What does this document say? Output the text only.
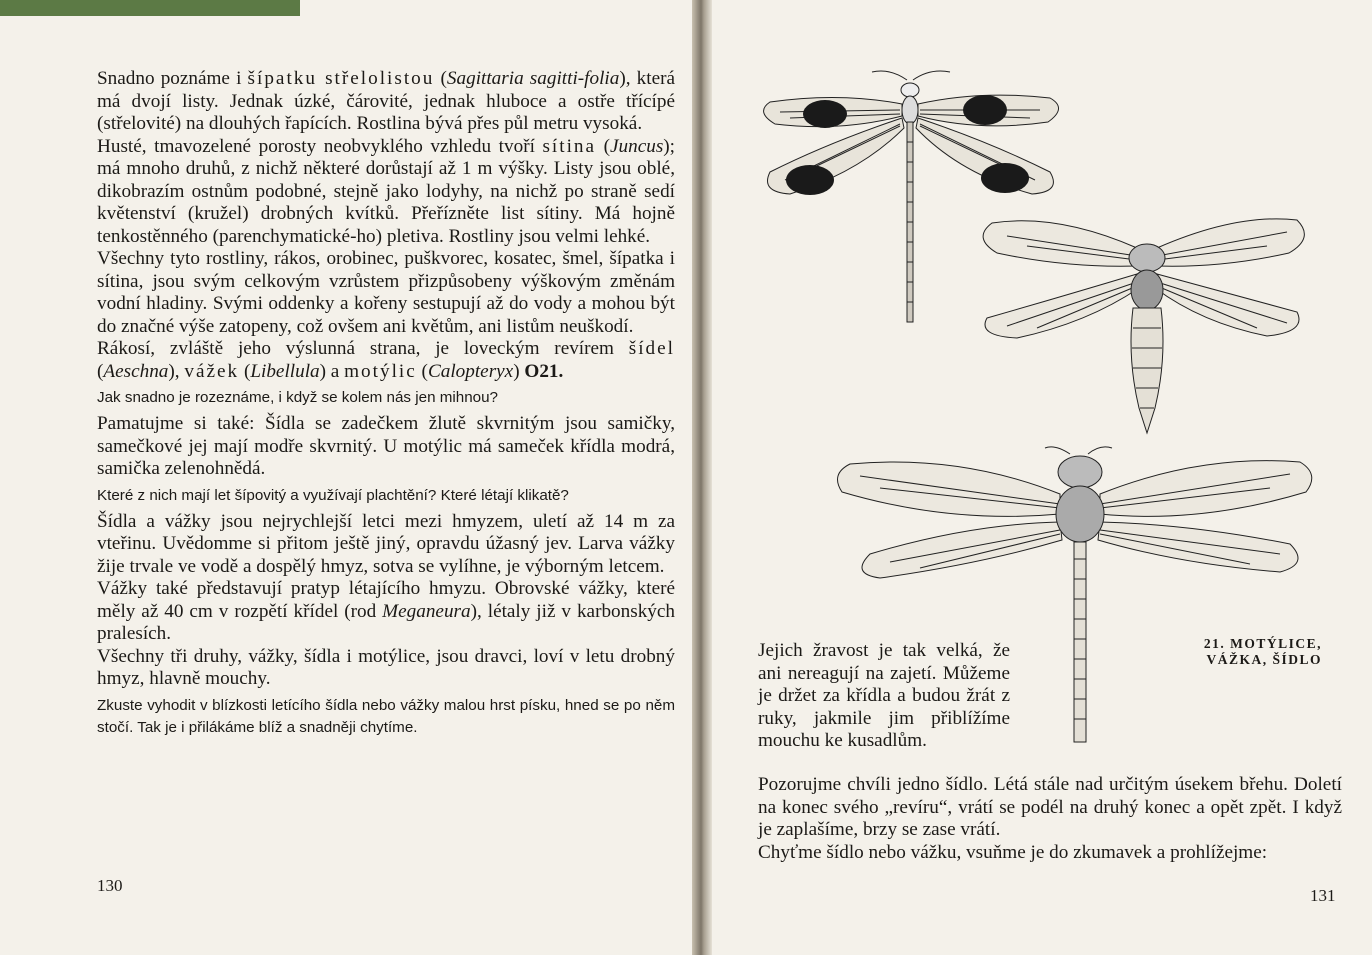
Snadno poznáme i šípatku střelolistou (Sagittaria sagitti-folia), která má dvojí listy. Jednak úzké, čárovité, jednak hluboce a ostře třícípé (střelovité) na dlouhých řapících. Rostlina bývá přes půl metru vysoká.

Husté, tmavozelené porosty neobvyklého vzhledu tvoří sítina (Juncus); má mnoho druhů, z nichž některé dorůstají až 1 m výšky. Listy jsou oblé, dikobrazím ostnům podobné, stejně jako lodyhy, na nichž po straně sedí květenství (kružel) drobných kvítků. Přeřízněte list sítiny. Má hojně tenkostěnného (parenchymatické-ho) pletiva. Rostliny jsou velmi lehké.

Všechny tyto rostliny, rákos, orobinec, puškvorec, kosatec, šmel, šípatka i sítina, jsou svým celkovým vzrůstem přizpůsobeny výškovým změnám vodní hladiny. Svými oddenky a kořeny sestupují až do vody a mohou být do značné výše zatopeny, což ovšem ani květům, ani listům neuškodí.

Rákosí, zvláště jeho výslunná strana, je loveckým revírem šídel (Aeschna), vážek (Libellula) a motýlic (Calopteryx) O21.

Jak snadno je rozeznáme, i když se kolem nás jen mihnou?

Pamatujme si také: Šídla se zadečkem žlutě skvrnitým jsou samičky, samečkové jej mají modře skvrnitý. U motýlic má sameček křídla modrá, samička zelenohnědá.

Které z nich mají let šípovitý a využívají plachtění? Které létají klikatě?

Šídla a vážky jsou nejrychlejší letci mezi hmyzem, uletí až 14 m za vteřinu. Uvědomme si přitom ještě jiný, opravdu úžasný jev. Larva vážky žije trvale ve vodě a dospělý hmyz, sotva se vylíhne, je výborným letcem.

Vážky také představují pratyp létajícího hmyzu. Obrovské vážky, které měly až 40 cm v rozpětí křídel (rod Meganeura), létaly již v karbonských pralesích.

Všechny tři druhy, vážky, šídla i motýlice, jsou dravci, loví v letu drobný hmyz, hlavně mouchy.

Zkuste vyhodit v blízkosti letícího šídla nebo vážky malou hrst písku, hned se po něm stočí. Tak je i přilákáme blíž a snadněji chytíme.

130
21. MOTÝLICE,
VÁŽKA, ŠÍDLO

Jejich žravost je tak velká, že ani nereagují na zajetí. Můžeme je držet za křídla a budou žrát z ruky, jakmile jim přiblížíme mouchu ke kusadlům.

Pozorujme chvíli jedno šídlo. Létá stále nad určitým úsekem břehu. Doletí na konec svého „revíru“, vrátí se podél na druhý konec a opět zpět. I když je zaplašíme, brzy se zase vrátí.

Chyťme šídlo nebo vážku, vsuňme je do zkumavek a prohlížejme:

131
